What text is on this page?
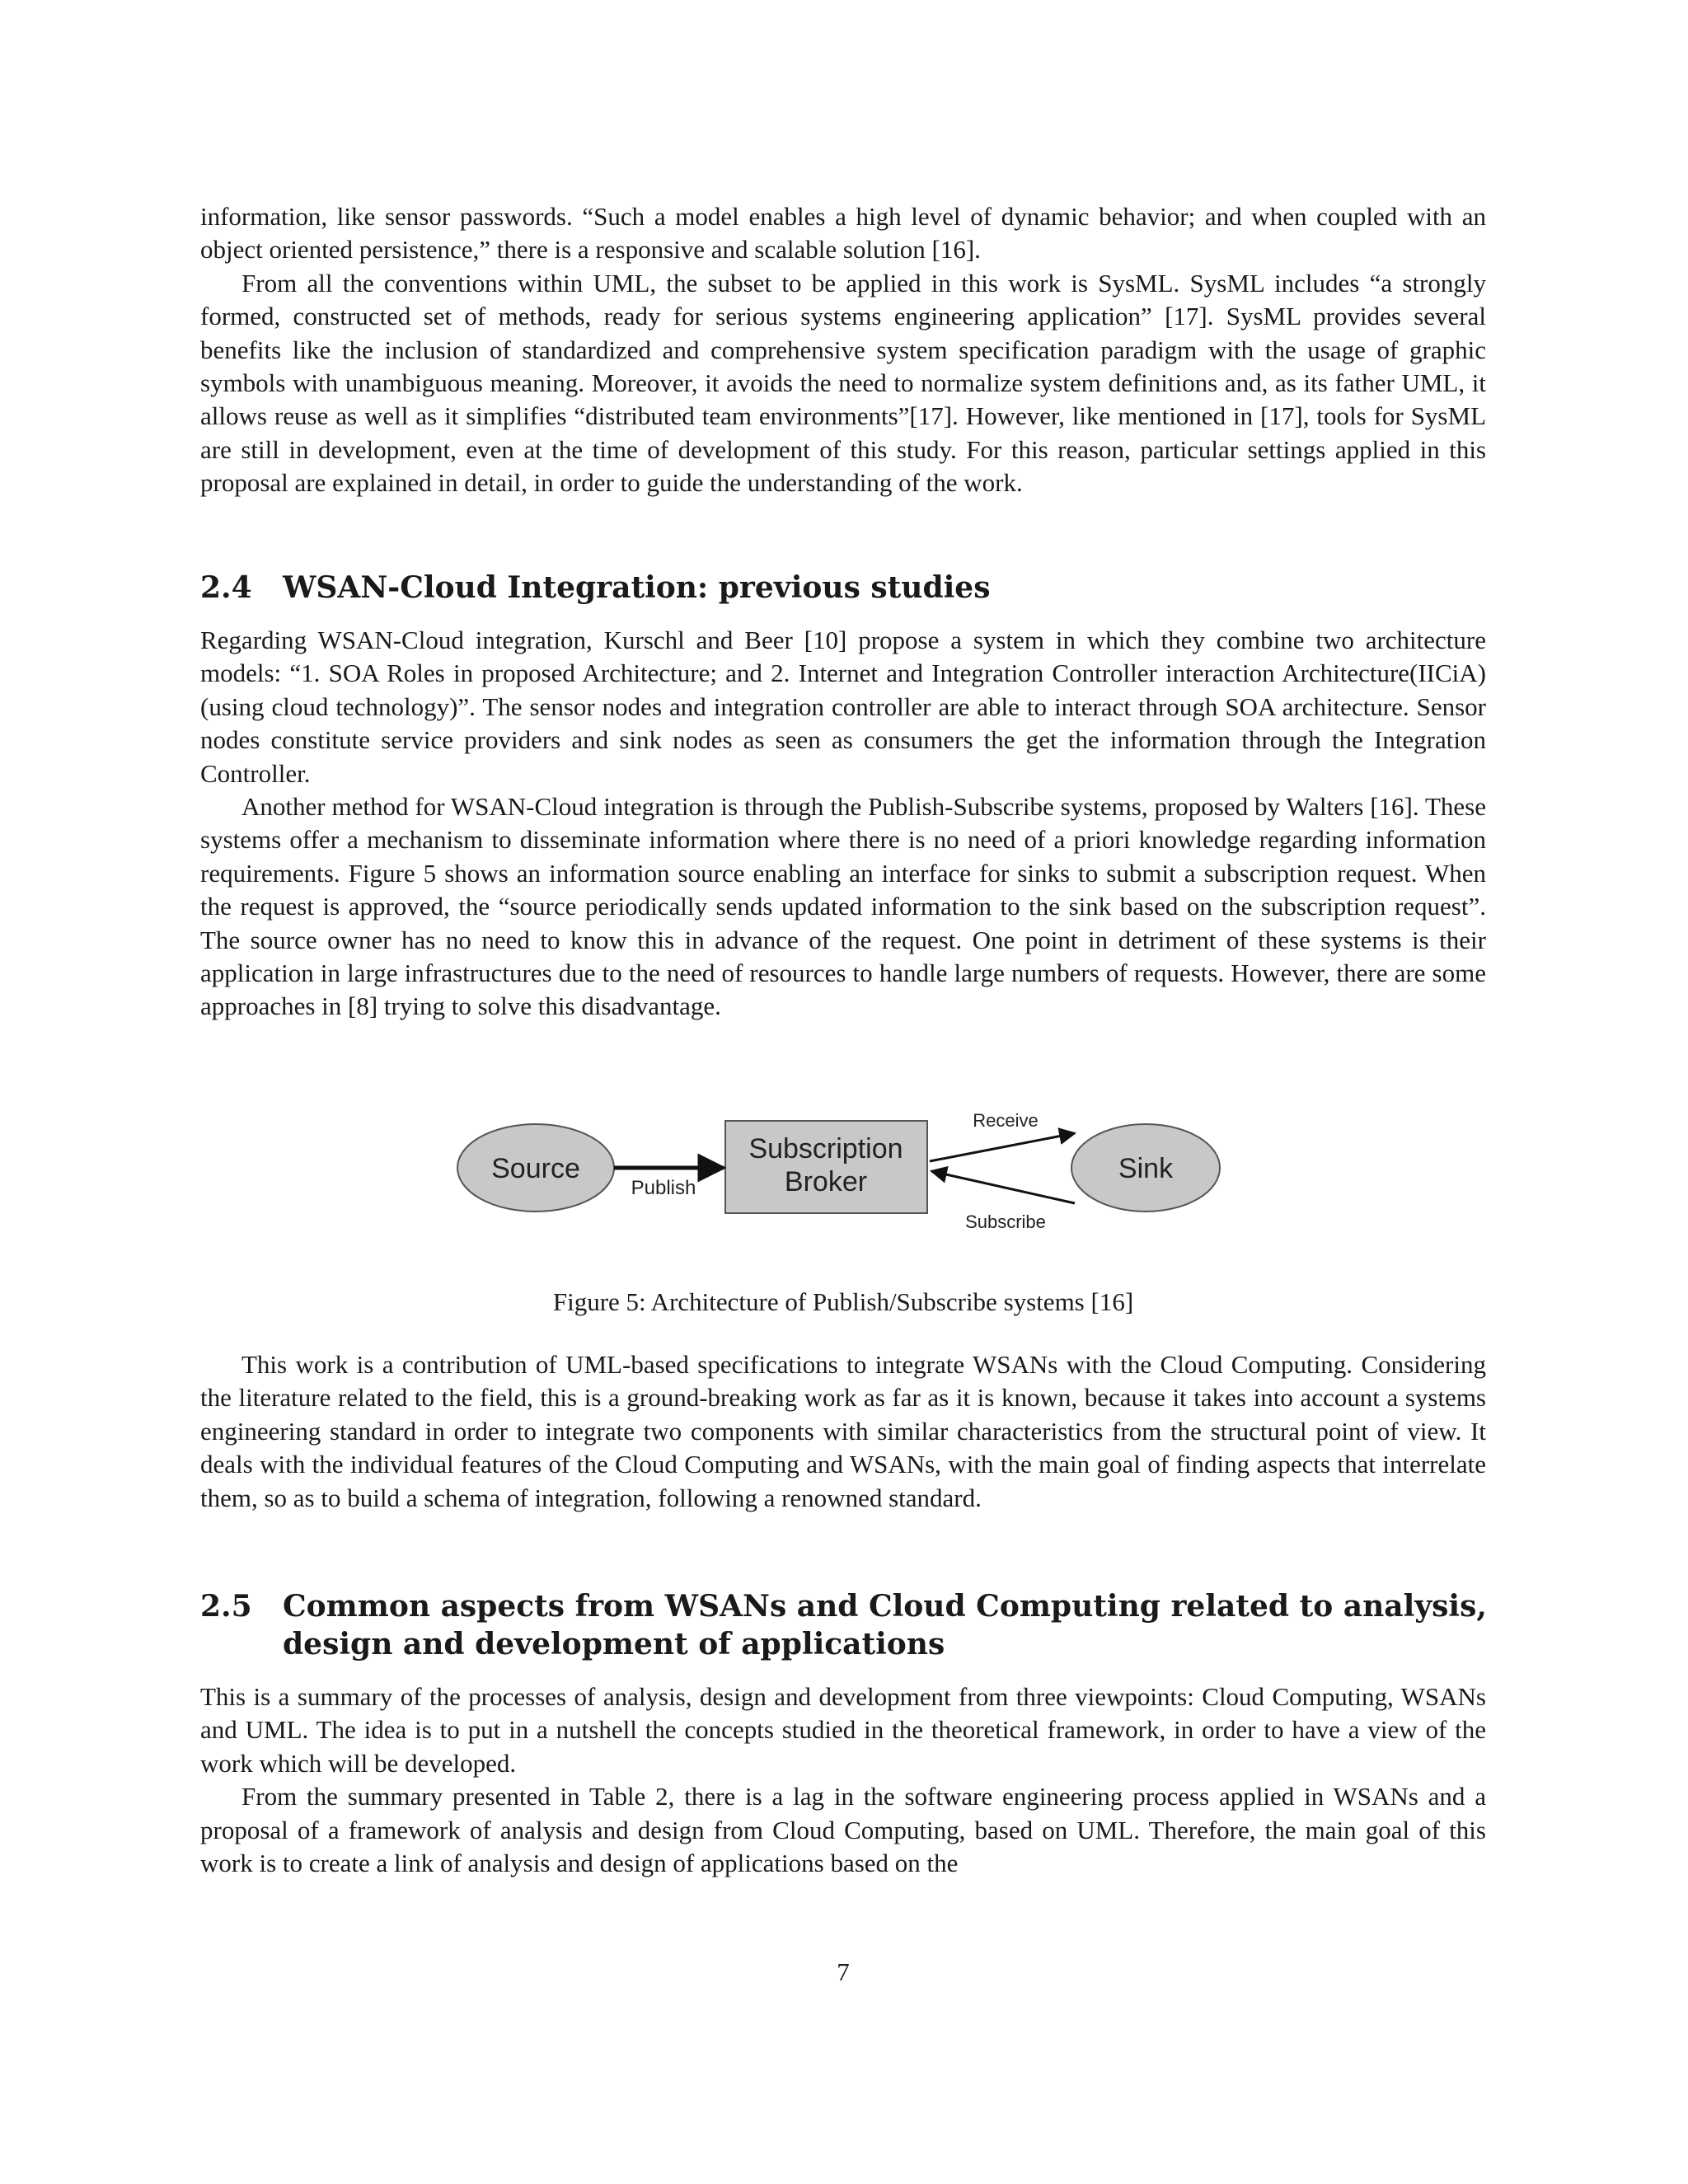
information, like sensor passwords. “Such a model enables a high level of dynamic behavior; and when coupled with an object oriented persistence,” there is a responsive and scalable solution [16].

From all the conventions within UML, the subset to be applied in this work is SysML. SysML includes “a strongly formed, constructed set of methods, ready for serious systems engineering application” [17]. SysML provides several benefits like the inclusion of standardized and comprehensive system specification paradigm with the usage of graphic symbols with unambiguous meaning. Moreover, it avoids the need to normalize system definitions and, as its father UML, it allows reuse as well as it simplifies “distributed team environments”[17]. However, like mentioned in [17], tools for SysML are still in development, even at the time of development of this study. For this reason, particular settings applied in this proposal are explained in detail, in order to guide the understanding of the work.

2.4 WSAN-Cloud Integration: previous studies

Regarding WSAN-Cloud integration, Kurschl and Beer [10] propose a system in which they combine two architecture models: “1. SOA Roles in proposed Architecture; and 2. Internet and Integration Controller interaction Architecture(IICiA) (using cloud technology)”. The sensor nodes and integration controller are able to interact through SOA architecture. Sensor nodes constitute service providers and sink nodes as seen as consumers the get the information through the Integration Controller.

Another method for WSAN-Cloud integration is through the Publish-Subscribe systems, proposed by Walters [16]. These systems offer a mechanism to disseminate information where there is no need of a priori knowledge regarding information requirements. Figure 5 shows an information source enabling an interface for sinks to submit a subscription request. When the request is approved, the “source periodically sends updated information to the sink based on the subscription request”. The source owner has no need to know this in advance of the request. One point in detriment of these systems is their application in large infrastructures due to the need of resources to handle large numbers of requests. However, there are some approaches in [8] trying to solve this disadvantage.

Source
Subscription
Broker	Sink
Publish
Receive
Subscribe
Figure 5: Architecture of Publish/Subscribe systems [16]

This work is a contribution of UML-based specifications to integrate WSANs with the Cloud Computing. Considering the literature related to the field, this is a ground-breaking work as far as it is known, because it takes into account a systems engineering standard in order to integrate two components with similar characteristics from the structural point of view. It deals with the individual features of the Cloud Computing and WSANs, with the main goal of finding aspects that interrelate them, so as to build a schema of integration, following a renowned standard.

2.5 Common aspects from WSANs and Cloud Computing related to analysis, design and development of applications

This is a summary of the processes of analysis, design and development from three viewpoints: Cloud Computing, WSANs and UML. The idea is to put in a nutshell the concepts studied in the theoretical framework, in order to have a view of the work which will be developed.

From the summary presented in Table 2, there is a lag in the software engineering process applied in WSANs and a proposal of a framework of analysis and design from Cloud Computing, based on UML. Therefore, the main goal of this work is to create a link of analysis and design of applications based on the

7
